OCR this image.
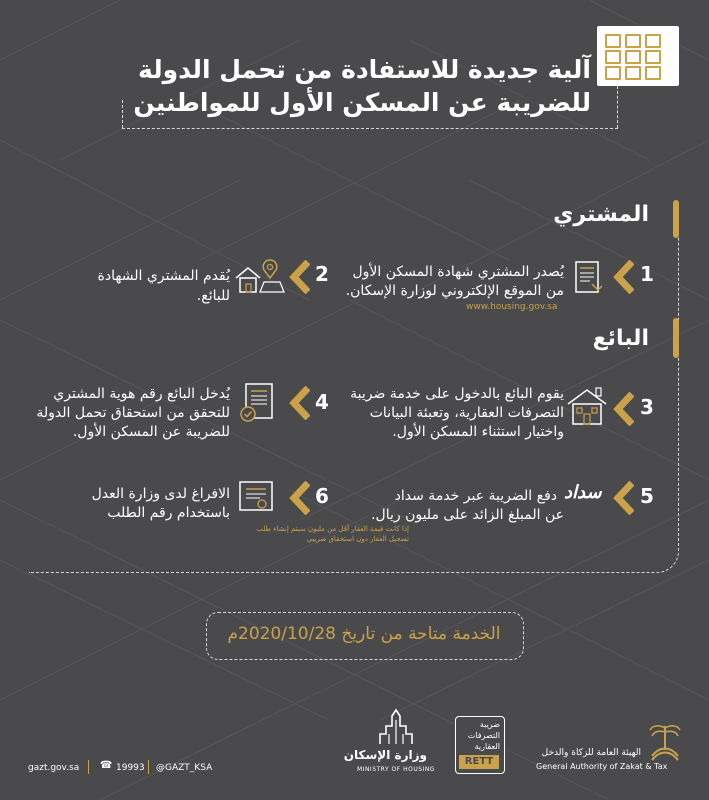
آلية جديدة للاستفادة من تحمل الدولة
للضريبة عن المسكن الأول للمواطنين
المشتري
1
يُصدر المشتري شهادة المسكن الأول
من الموقع الإلكتروني لوزارة الإسكان.
www.housing.gov.sa
2
يُقدم المشتري الشهادة
للبائع.
البائع
3
يقوم البائع بالدخول على خدمة ضريبة
التصرفات العقارية، وتعبئة البيانات
واختيار استثناء المسكن الأول.
4
يُدخل البائع رقم هوية المشتري
للتحقق من استحقاق تحمل الدولة
للضريبة عن المسكن الأول.
5
سداد
دفع الضريبة عبر خدمة سداد
عن المبلغ الزائد على مليون ريال.
إذا كانت قيمة العقار أقل من مليون سيتم إنشاء طلب
تسجيل العقار دون استحقاق ضريبي
6
الافراغ لدى وزارة العدل
باستخدام رقم الطلب
الخدمة متاحة من تاريخ 2020/10/28م
gazt.gov.sa ☎ 19993 @GAZT_KSA
وزارة الإسكان
MINISTRY OF HOUSING
ضريبة
التصرفات
العقارية
RETT
الهيئة العامة للزكاة والدخل
General Authority of Zakat & Tax
